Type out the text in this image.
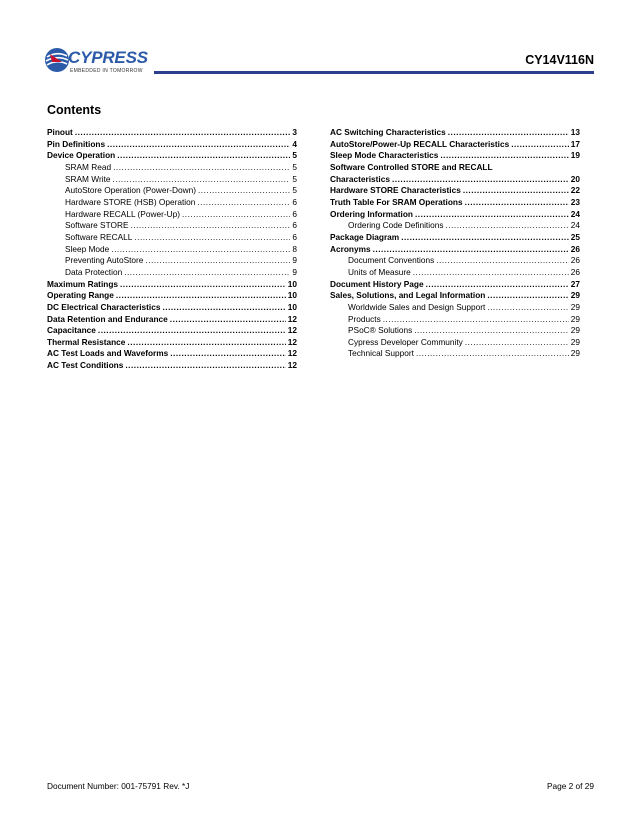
CYPRESS
EMBEDDED IN TOMORROW
CY14V116N
Contents
Pinout .....	3
Pin Definitions .....	4
Device Operation .....	5
SRAM Read .....	5
SRAM Write .....	5
AutoStore Operation (Power-Down) .....	5
Hardware STORE (HSB) Operation .....	6
Hardware RECALL (Power-Up) .....	6
Software STORE .....	6
Software RECALL .....	6
Sleep Mode .....	8
Preventing AutoStore .....	9
Data Protection .....	9
Maximum Ratings .....	10
Operating Range .....	10
DC Electrical Characteristics .....	10
Data Retention and Endurance .....	12
Capacitance .....	12
Thermal Resistance .....	12
AC Test Loads and Waveforms .....	12
AC Test Conditions .....	12
AC Switching Characteristics .....	13
AutoStore/Power-Up RECALL Characteristics .....	17
Sleep Mode Characteristics .....	19
Software Controlled STORE and RECALL
Characteristics .....	20
Hardware STORE Characteristics .....	22
Truth Table For SRAM Operations .....	23
Ordering Information .....	24
Ordering Code Definitions .....	24
Package Diagram .....	25
Acronyms .....	26
Document Conventions .....	26
Units of Measure .....	26
Document History Page .....	27
Sales, Solutions, and Legal Information .....	29
Worldwide Sales and Design Support .....	29
Products .....	29
PSoC® Solutions .....	29
Cypress Developer Community .....	29
Technical Support .....	29
Document Number: 001-75791 Rev. *J	Page 2 of 29
